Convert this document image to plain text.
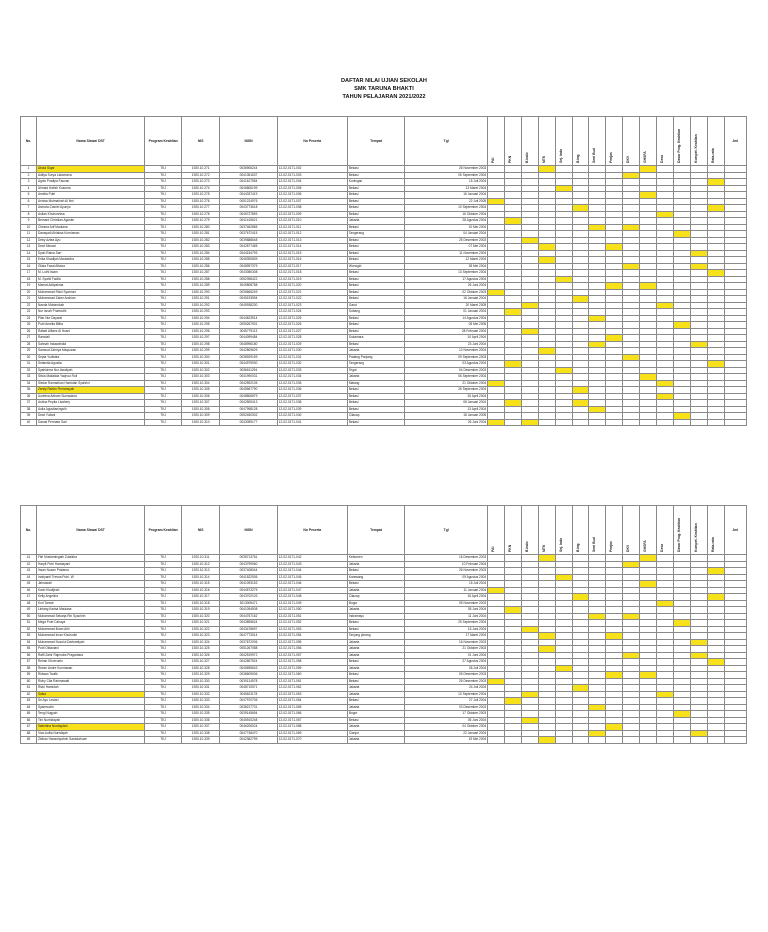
DAFTAR NILAI UJIAN SEKOLAH
SMK TARUNA BHAKTI
TAHUN PELAJARAN 2021/2022
No.	Nama Siswa/ DST	Program Keahlian	NIS	NISN	No Peserta	Tempat	Tgl	PAI	PKN	B.Indo	MTK	Sej. Indo	B.Ing	Seni Bud	Penjas	DKV	GHSFA	Desa	Dasar Prog. Keahlian	Kompet. Keahlian	Rata-rata	Jml
1	Abdul Siqar	TKJ	1920.10.271	0036906244	12-02-0171-002	Bekasi	26 November 2003															
2	Aditya Surya Laksmana	TKJ	1920.10.272	0041351637	12-02-0171-003	Bekasi	05 September 2004															
3	Agnis Pradipa Fauzan	TKJ	1920.10.273	0041617554	12-02-0171-004	Kuningan	15 Juli 2004															
4	Ahmad Hafizh Kusuma	TKJ	1920.10.274	0046806199	12-02-0171-005	Bekasi	13 Maret 2004															
5	Amelia Putri	TKJ	1920.10.275	0044337419	12-02-0171-006	Bekasi	16 Januari 2004															
6	Annisa Mutmainah Al Ilmi	TKJ	1920.10.276	0051224976	12-02-0171-007	Bekasi	22 Juli 2005															
7	Asmoko Daniel Ayunyo	TKJ	1920.10.277	0043773618	12-02-0171-008	Bekasi	10 September 2004															
8	Aulian Khoirunnisa	TKJ	1920.10.278	0045727893	12-02-0171-009	Bekasi	16 Oktober 2004															
9	Bernard Christian Agustin	TKJ	1920.10.279	0041415621	12-02-0171-010	Jakarta	28 Agustus 2004															
10	Chesna Arif Maulana	TKJ	1920.10.280	0037462865	12-02-0171-011	Bekasi	10 Mei 2004															
11	Danayadi Ahlaksa Kurniawan	TKJ	1920.10.281	0037672415	12-02-0171-012	Tangerang	04 Januari 2004															
12	Deby Aztea Ayu	TKJ	1920.10.282	0039888648	12-02-0171-013	Bekasi	25 Desember 2003															
13	Dewi Minawi	TKJ	1920.10.283	0042877465	12-02-0171-014	Bekasi	07 Mei 2004															
14	Dyah Ratna Sari	TKJ	1920.10.284	0044154793	12-02-0171-015	Bekasi	11 November 2004															
15	Erika Khadijah Maulasiha	TKJ	1920.10.285	0045390839	12-02-0171-016	Bekasi	12 Maret 2004															
16	Gilsia Fazal Alfaiza	TKJ	1920.10.286	0048997379	12-02-0171-017	Wonogiri	28 Mei 2004															
17	M. Luthi Islam	TKJ	1920.10.287	0043080308	12-02-0171-018	Bekasi	13 September 2004															
18	M. Syahil Fadila	TKJ	1920.10.288	0052398422	12-02-0171-019	Bekasi	17 Agustus 2004															
19	Mamat Adityakma	TKJ	1920.10.289	3049808758	12-02-0171-020	Bekasi	26 Juni 2004															
20	Muhammad Rizki Syahroni	TKJ	1920.10.290	0035665249	12-02-0171-021	Bekasi	02 Oktober 2003															
21	Muhammad Zaker Andrian	TKJ	1920.10.291	0045193594	12-02-0171-022	Bekasi	16 Januari 2004															
22	Nanda Mubarokah	TKJ	1920.10.292	0045938230	12-02-0171-023	Garut	20 Maret 2005															
23	Nur Isnah Pramudhi	TKJ	1920.10.293		12-02-0171-024	Subang	01 Januari 2004															
24	Pilar Nur Dayanti	TKJ	1920.10.294	0044623914	12-02-0171-025	Bekasi	14 Agustus 2004															
25	Putri Amelia Bifka	TKJ	1920.10.295	0055267931	12-02-0171-026	Bekasi	05 Mei 2005															
26	Rafael Alfianz Al Husni	TKJ	1920.10.296	0045779113	12-02-0171-027	Bekasi	28 Februari 2004															
27	Ramdali	TKJ	1920.10.297	0044099484	12-02-0171-028	Sukamara	10 April 2004															
28	Sahnah Indawahdia	TKJ	1920.10.298	0048996180	12-02-0171-029	Bekasi	23 Juni 2004															
29	Samsud Zahirya Maqsuran	TKJ	1920.10.299	0042809629	12-02-0171-030	Jakarta	12 November 2004															
30	Septa Yudistira	TKJ	1920.10.300	0038929159	12-02-0171-031	Padang Panjang	09 September 2003															
31	Setiantia Agustia	TKJ	1920.10.301	0044979930	12-02-0171-032	Tangerang	03 Agustus 2004															
32	Syahkirma Nur Awaliyah	TKJ	1920.10.302	0036611294	12-02-0171-033	Tegal	04 Desember 2003															
33	Silvia Makalida Yaqhou Roli	TKJ	1920.10.303	0041990031	12-02-0171-034	Jakarta	06 September 2004															
34	Siedar Ramadhan Hamidah Syahrini	TKJ	1920.10.304	0042592105	12-02-0171-035	Malang	21 Oktober 2004															
35	Zenity Rahim Firmansyah	TKJ	1920.10.305	0045567790	12-02-0171-036	Bekasi	26 September 2004															
36	Aurelina Adham Sumadana	TKJ	1920.10.306	0048806879	12-02-0171-037	Bekasi	26 April 2004															
37	Ardina Pepita Lisahery	TKJ	1920.10.307	0042805413	12-02-0171-038	Bekasi	08 Januari 2004															
38	Aulia Agustianingsih	TKJ	1920.10.308	0047998128	12-02-0171-039	Bekasi	13 April 2004															
39	Dewi Yuliani	TKJ	1920.10.309	0052450302	12-02-0171-040	Cilacap	18 Januari 2005															
40	Damai Permata Sari	TKJ	1920.10.310	0043059177	12-02-0171-041	Bekasi	26 Juni 2004															
No.	Nama Siswa/ DST	Program Keahlian	NIS	NISN	No Peserta	Tempat	Tgl	PAI	PKN	B.Indo	MTK	Sej. Indo	B.Ing	Seni Bud	Penjas	DKV	GHSFA	Desa	Dasar Prog. Keahlian	Kompet. Keahlian	Rata-rata	Jml
41	Fitri Mustamingaih Zulaikha	TKJ	1920.10.311	0035713761	12-02-0171-042	Kebumen	16 Desember 2003															
42	Harpit Putri Handayani	TKJ	1920.10.312	0043799060	12-02-0171-043	Jakarta	10 Februari 2004															
43	Ihsan Nusan Pratama	TKJ	1920.10.313	0037408044	12-02-0171-044	Bekasi	26 November 2003															
44	Indriyanti Tresna Putri. W	TKJ	1920.10.314	0041522536	12-02-0171-045	Karawang	09 Agustus 2004															
45	Jahrawati	TKJ	1920.10.315	0041093153	12-02-0171-046	Bekasi	15 Juli 2004															
46	Karin Khalijeah	TKJ	1920.10.316	0044573275	12-02-0171-047	Jakarta	11 Januari 2004															
47	Kelly Angelina	TKJ	1920.10.317	0043702103	12-02-0171-048	Cilacap	16 April 2004															
48	Kori Tanwir	TKJ	1920.10.318	3013005471	12-02-0171-049	Bogor	05 November 2003															
49	Lintang Karisa Maulana	TKJ	1920.10.319	0041094508	12-02-0171-050	Jakarta	05 Juni 2004															
50	Muhammad Sekarja Rin Syachrin	TKJ	1920.10.320	0044767162	12-02-0171-051	Indramayu	11 Juni 2004															
51	Mega Putri Cahaya	TKJ	1920.10.321	0043895624	12-02-0171-052	Bekasi	25 September 2004															
52	Muhammad Ilham Alhi	TKJ	1920.10.322	0043478697	12-02-0171-053	Bekasi	15 Juni 2004															
53	Muhammad Iman Khoirudin	TKJ	1920.10.323	0047773014	12-02-0171-054	Tanjung pinang	17 Maret 2004															
54	Muhammad Nuzulul Darbantiyah	TKJ	1920.10.324	0037672006	12-02-0171-055	Jakarta	16 November 2003															
55	Putri Oktaviani	TKJ	1920.10.325	0051267088	12-02-0171-056	Jakarta	21 Oktober 2003															
56	Raffi Zahir Rajendra Pragantara	TKJ	1920.10.326	0042519972	12-02-0171-057	Jakarta	01 Juni 2004															
57	Rehan Khoerudin	TKJ	1920.10.327	0042657524	12-02-0171-058	Bekasi	27 Agustus 2004															
58	Resen Andre Kurniawan	TKJ	1920.10.328	0045695643	12-02-0171-059	Jakarta	06 Juli 2004															
59	Ridwan Taufik	TKJ	1920.10.329	0038609006	12-02-0171-060	Bekasi	05 Desember 2003															
60	Rizky Cita Rahmawati	TKJ	1920.10.330	0039124578	12-02-0171-061	Bekasi	26 Desember 2003															
61	Rizki Hamidah	TKJ	1920.10.331	0048710571	12-02-0171-062	Jakarta	24 Juli 2004															
62	Salsa	TKJ	1920.10.332	0045621178	12-02-0171-063	Jakarta	10 September 2004															
63	Sri Ayu Lestari	TKJ	1920.10.333	0047970705	12-02-0171-064	Bekasi	27 Juli 2004															
64	Syamsudin	TKJ	1920.10.334	0038217731	12-02-0171-065	Jakarta	03 Desember 2003															
65	Tengi Nugyah	TKJ	1920.10.335	0039145694	12-02-0171-066	Bogor	17 Oktober 2003															
66	Tini Nurhidayah	TKJ	1920.10.336	0045910248	12-02-0171-067	Bekasi	05 Juni 2004															
67	Valentina Nordaydah	TKJ	1920.10.337	0046206024	12-02-0171-068	Jakarta	04 Oktober 2004															
68	Viva Auliia Nuristiqah	TKJ	1920.10.338	0047748470	12-02-0171-069	Cianjur	22 Januari 2004															
69	Zidhan Hanashyahrin Samidahuze	TKJ	1920.10.339	0042362799	12-02-0171-070	Jakarta	19 Mei 2004															
